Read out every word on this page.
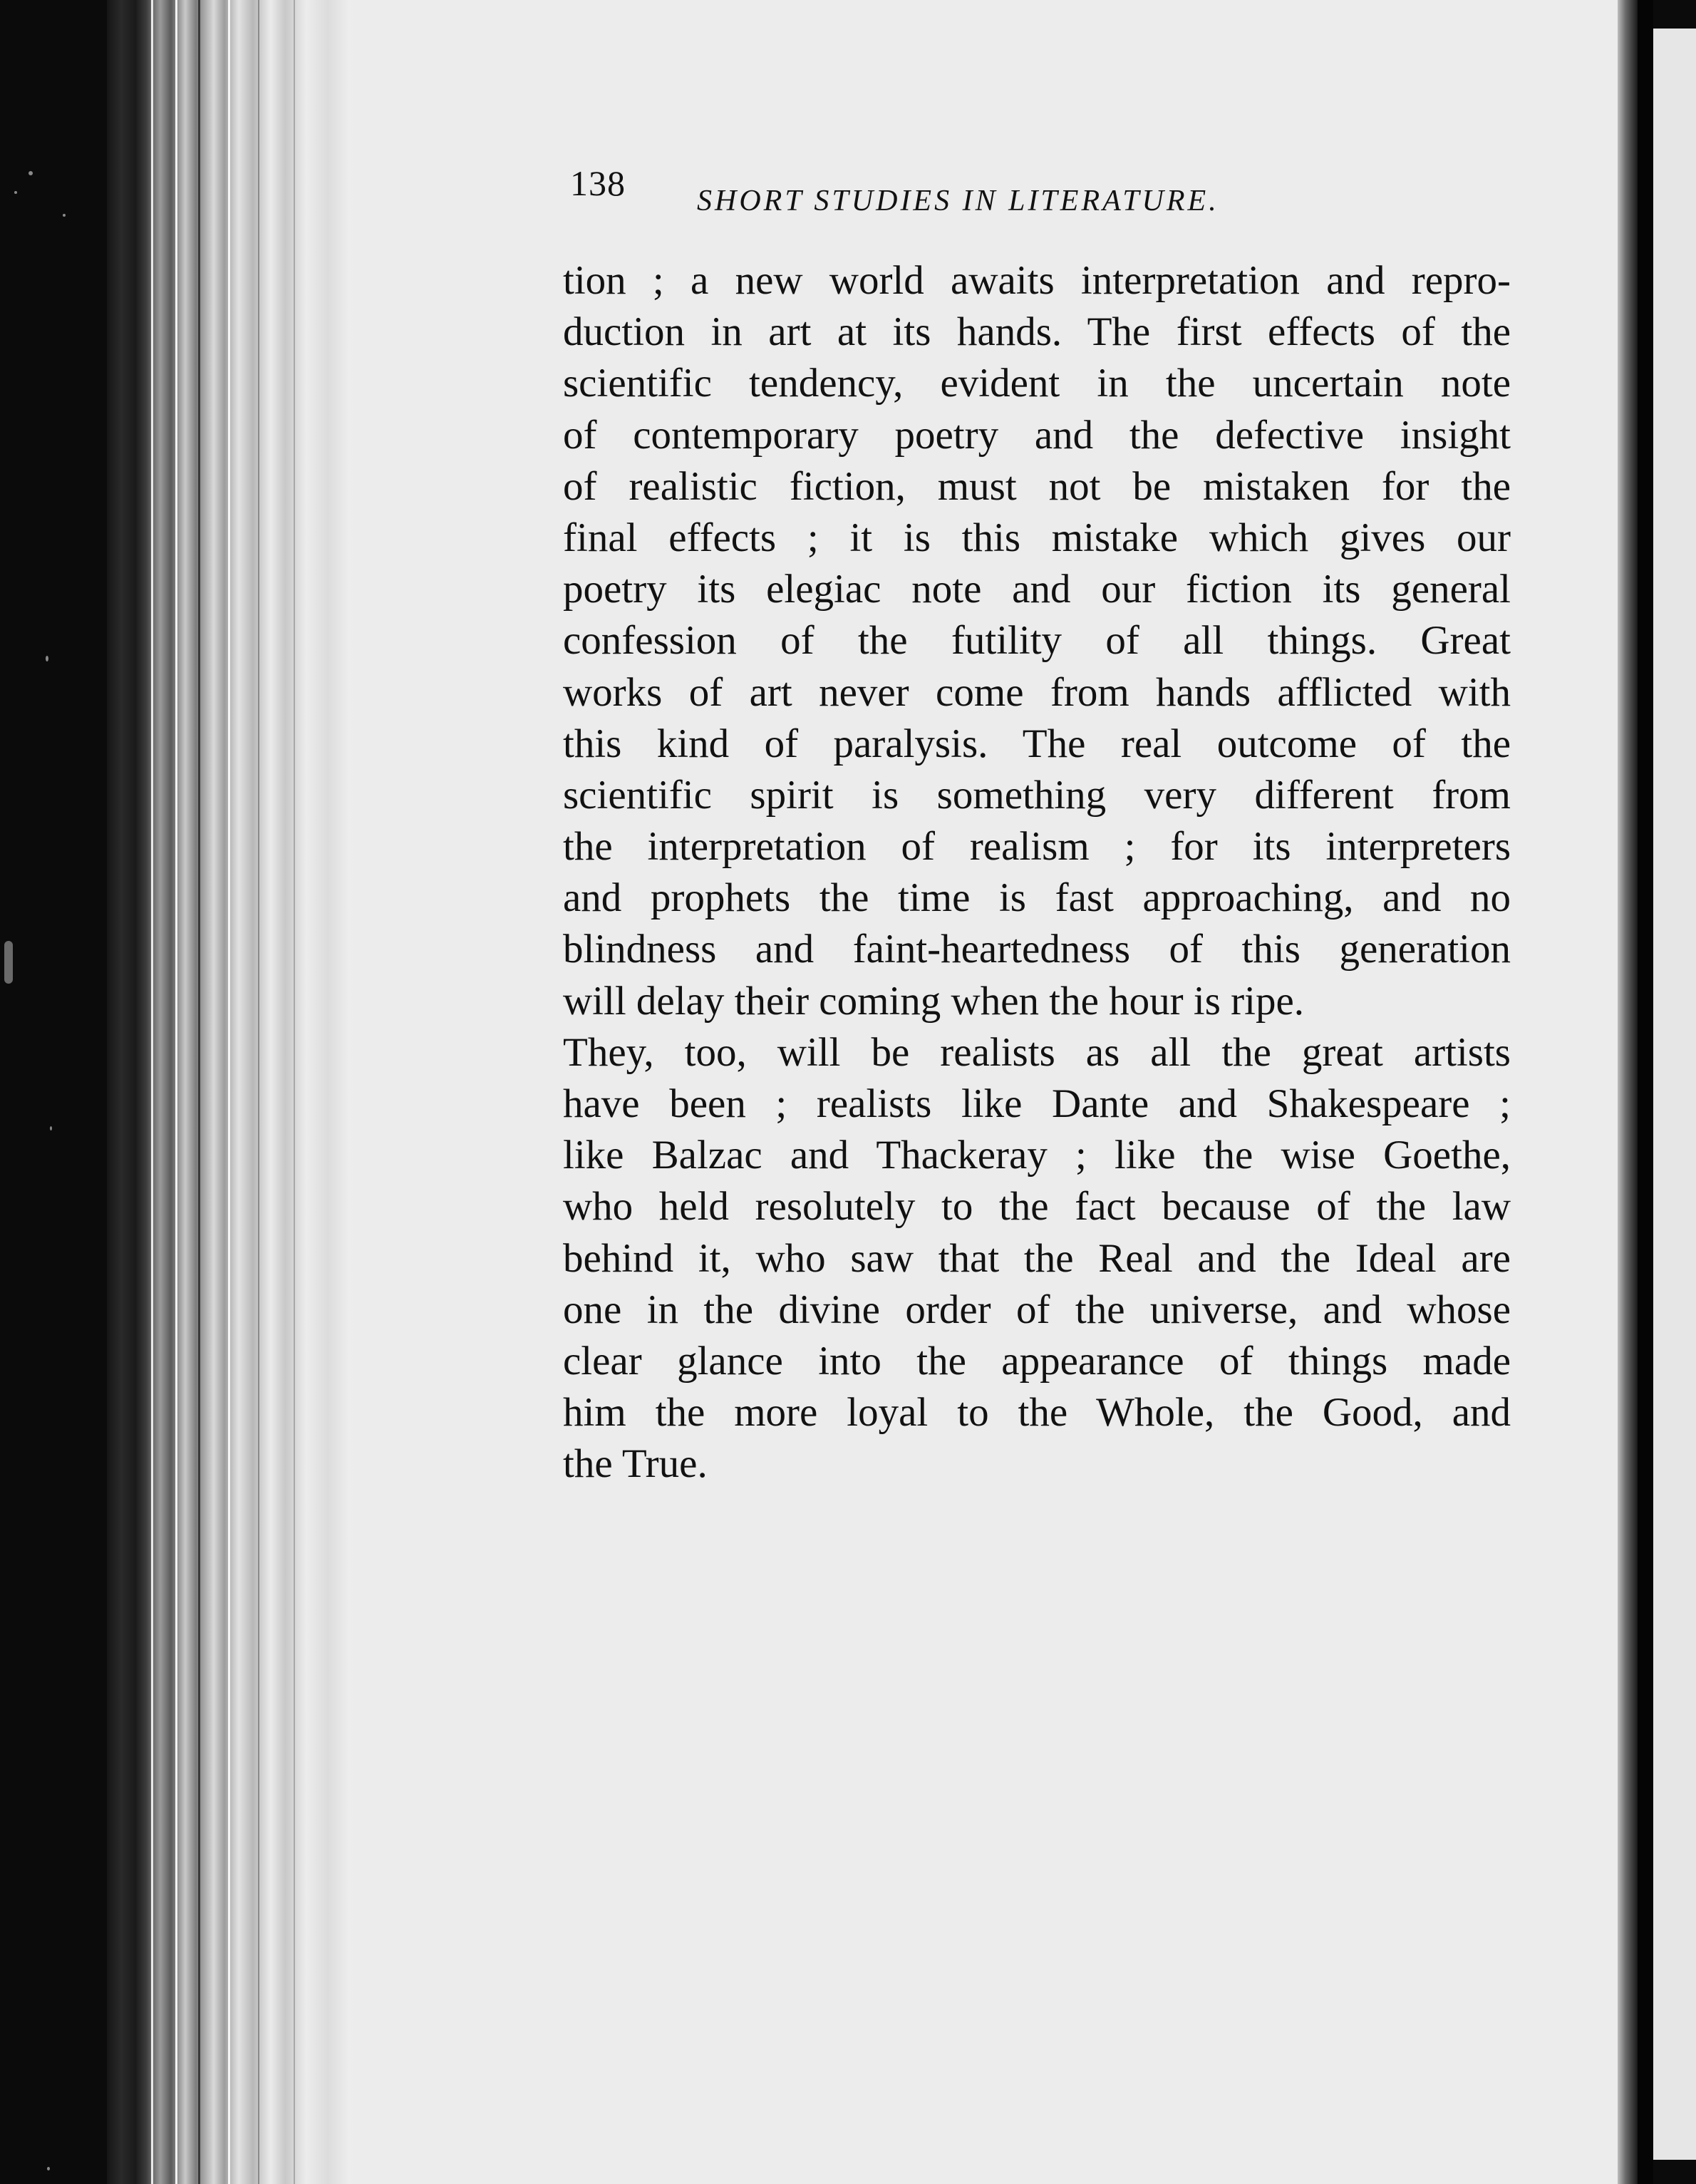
138 SHORT STUDIES IN LITERATURE.
tion ; a new world awaits interpretation and repro-
duction in art at its hands. The first effects of the
scientific tendency, evident in the uncertain note
of contemporary poetry and the defective insight
of realistic fiction, must not be mistaken for the
final effects ; it is this mistake which gives our
poetry its elegiac note and our fiction its general
confession of the futility of all things. Great
works of art never come from hands afflicted with
this kind of paralysis. The real outcome of the
scientific spirit is something very different from
the interpretation of realism ; for its interpreters
and prophets the time is fast approaching, and no
blindness and faint-heartedness of this generation
will delay their coming when the hour is ripe.
They, too, will be realists as all the great artists
have been ; realists like Dante and Shakespeare ;
like Balzac and Thackeray ; like the wise Goethe,
who held resolutely to the fact because of the law
behind it, who saw that the Real and the Ideal are
one in the divine order of the universe, and whose
clear glance into the appearance of things made
him the more loyal to the Whole, the Good, and
the True.
